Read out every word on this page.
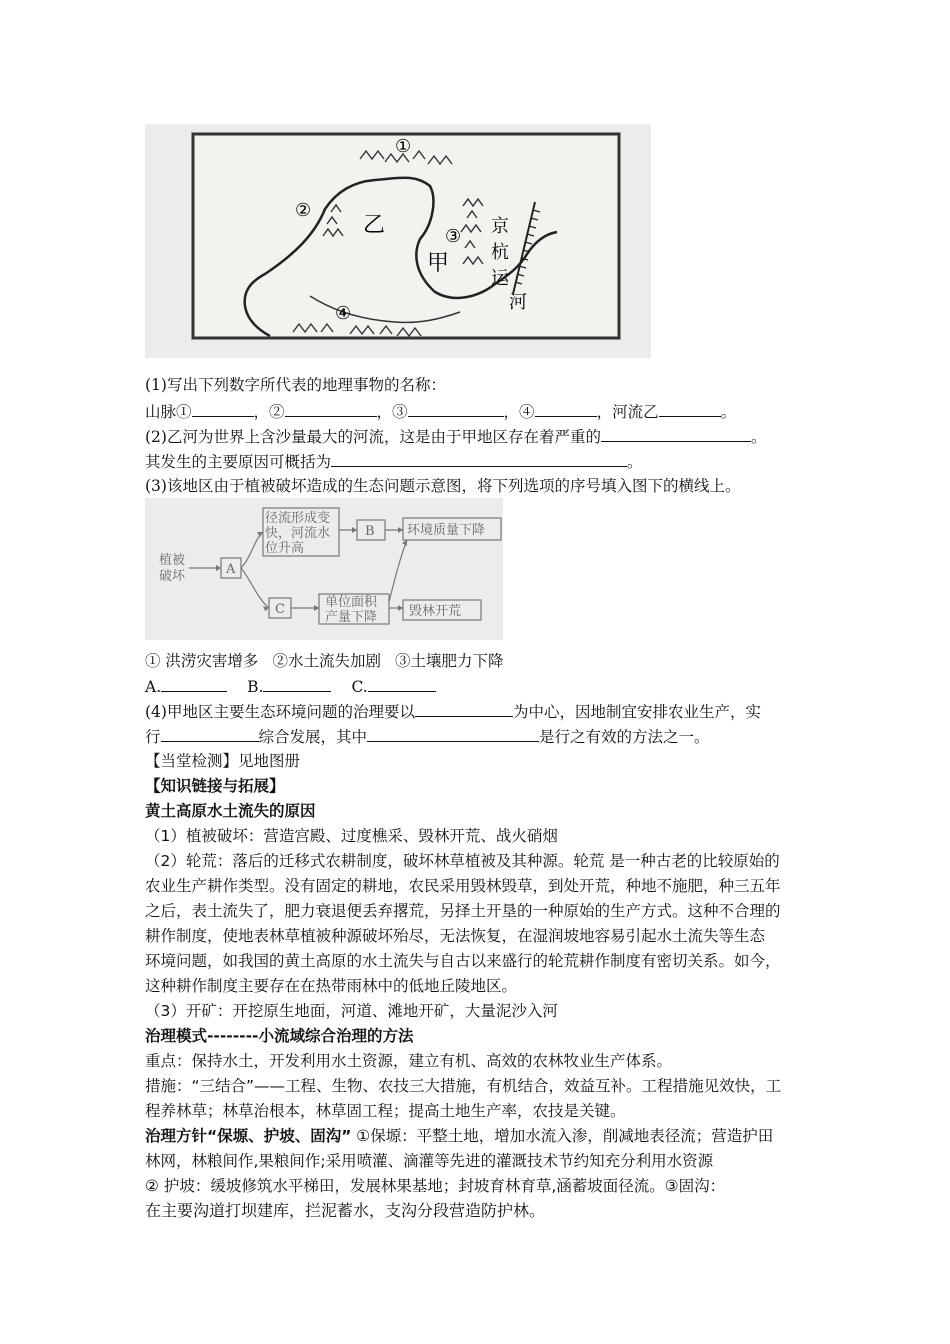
①
②
③
④
乙
甲
京
杭
运
河
(1)写出下列数字所代表的地理事物的名称：
山脉①	，②	，③	，④	，河流乙	。
(2)乙河为世界上含沙量最大的河流，这是由于甲地区存在着严重的	。
其发生的主要原因可概括为	。
(3)该地区由于植被破坏造成的生态问题示意图，将下列选项的序号填入图下的横线上。
植被
破坏	A
B
C
径流形成变
快，河流水
位升高
环境质量下降
单位面积
产量下降 毁林开荒
① 洪涝灾害增多 ②水土流失加剧 ③土壤肥力下降
A.	B.	C.
(4)甲地区主要生态环境问题的治理要以	为中心，因地制宜安排农业生产，实
行	综合发展，其中	是行之有效的方法之一。
【当堂检测】见地图册
【知识链接与拓展】
黄土高原水土流失的原因
（1）植被破坏：营造宫殿、过度樵采、毁林开荒、战火硝烟
（2）轮荒：落后的迁移式农耕制度，破坏林草植被及其种源。轮荒 是一种古老的比较原始的
农业生产耕作类型。没有固定的耕地，农民采用毁林毁草，到处开荒，种地不施肥，种三五年
之后，表土流失了，肥力衰退便丢弃撂荒，另择土开垦的一种原始的生产方式。这种不合理的
耕作制度，使地表林草植被种源破坏殆尽，无法恢复，在湿润坡地容易引起水土流失等生态
环境问题，如我国的黄土高原的水土流失与自古以来盛行的轮荒耕作制度有密切关系。如今，
这种耕作制度主要存在在热带雨林中的低地丘陵地区。
（3）开矿：开挖原生地面，河道、滩地开矿，大量泥沙入河
治理模式--------小流域综合治理的方法
重点：保持水土，开发利用水土资源，建立有机、高效的农林牧业生产体系。
措施：“三结合”——工程、生物、农技三大措施，有机结合，效益互补。工程措施见效快，工
程养林草；林草治根本，林草固工程；提高土地生产率，农技是关键。
治理方针“保塬、护坡、固沟” ①保塬：平整土地，增加水流入渗，削减地表径流；营造护田
林网，林粮间作,果粮间作;采用喷灌、滴灌等先进的灌溉技术节约知充分利用水资源
② 护坡：缓坡修筑水平梯田，发展林果基地；封坡育林育草,涵蓄坡面径流。③固沟：
在主要沟道打坝建库，拦泥蓄水，支沟分段营造防护林。
